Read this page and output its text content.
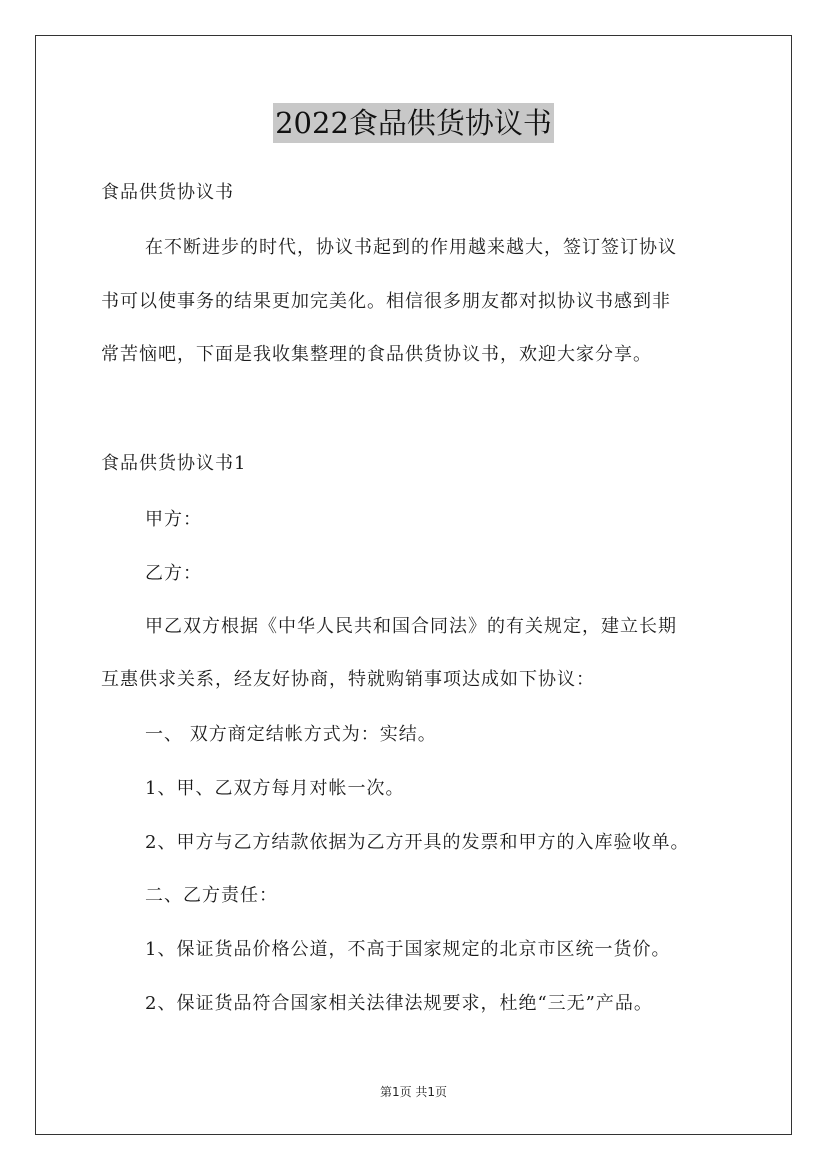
2022食品供货协议书
食品供货协议书
在不断进步的时代，协议书起到的作用越来越大，签订签订协议
书可以使事务的结果更加完美化。相信很多朋友都对拟协议书感到非
常苦恼吧，下面是我收集整理的食品供货协议书，欢迎大家分享。
食品供货协议书1
甲方：
乙方：
甲乙双方根据《中华人民共和国合同法》的有关规定，建立长期
互惠供求关系，经友好协商，特就购销事项达成如下协议：
一、 双方商定结帐方式为：实结。
1、甲、乙双方每月对帐一次。
2、甲方与乙方结款依据为乙方开具的发票和甲方的入库验收单。
二、乙方责任：
1、保证货品价格公道，不高于国家规定的北京市区统一货价。
2、保证货品符合国家相关法律法规要求，杜绝“三无”产品。
第1页 共1页
